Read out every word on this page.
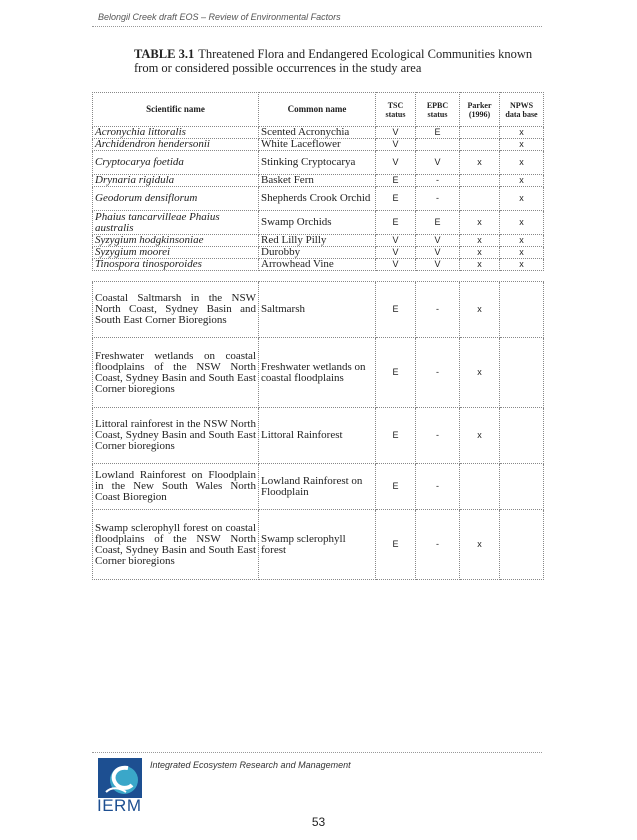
Belongil Creek draft EOS – Review of Environmental Factors
TABLE 3.1 Threatened Flora and Endangered Ecological Communities known from or considered possible occurrences in the study area
Scientific name	Common name	TSC status	EPBC status	Parker (1996)	NPWS data base
Acronychia littoralis	Scented Acronychia	V	E		x
Archidendron hendersonii	White Laceflower	V			x
Cryptocarya foetida	Stinking Cryptocarya	V	V	x	x
Drynaria rigidula	Basket Fern	E	-		x
Geodorum densiflorum	Shepherds Crook Orchid	E	-		x
Phaius tancarvilleae Phaius australis	Swamp Orchids	E	E	x	x
Syzygium hodgkinsoniae	Red Lilly Pilly	V	V	x	x
Syzygium moorei	Durobby	V	V	x	x
Tinospora tinosporoides	Arrowhead Vine	V	V	x	x

Coastal Saltmarsh in the NSW North Coast, Sydney Basin and South East Corner Bioregions	Saltmarsh	E	-	x	
Freshwater wetlands on coastal floodplains of the NSW North Coast, Sydney Basin and South East Corner bioregions	Freshwater wetlands on coastal floodplains	E	-	x	
Littoral rainforest in the NSW North Coast, Sydney Basin and South East Corner bioregions	Littoral Rainforest	E	-	x	
Lowland Rainforest on Floodplain in the New South Wales North Coast Bioregion	Lowland Rainforest on Floodplain	E	-		
Swamp sclerophyll forest on coastal floodplains of the NSW North Coast, Sydney Basin and South East Corner bioregions	Swamp sclerophyll forest	E	-	x	
Integrated Ecosystem Research and Management
IERM
53
